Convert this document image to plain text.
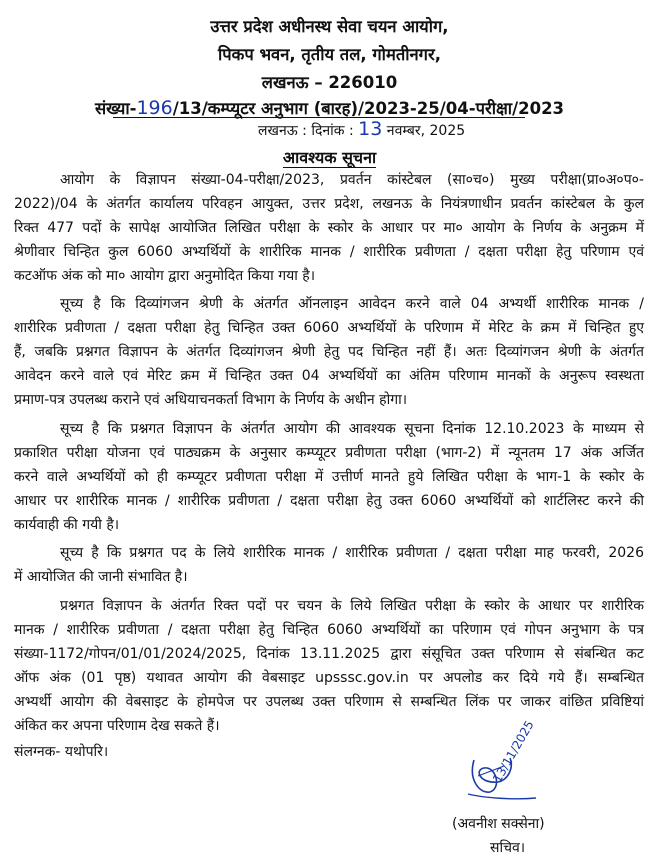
उत्तर प्रदेश अधीनस्थ सेवा चयन आयोग,
पिकप भवन, तृतीय तल, गोमतीनगर,
लखनऊ – 226010
संख्या-196/13/कम्प्यूटर अनुभाग (बारह)/2023-25/04-परीक्षा/2023
लखनऊ : दिनांक : 13 नवम्बर, 2025
आवश्यक सूचना
आयोग के विज्ञापन संख्या-04-परीक्षा/2023, प्रवर्तन कांस्टेबल (सा०च०) मुख्य परीक्षा(प्रा०अ०प०-
2022)/04 के अंतर्गत कार्यालय परिवहन आयुक्त, उत्तर प्रदेश, लखनऊ के नियंत्रणाधीन प्रवर्तन कांस्टेबल के कुल
रिक्त 477 पदों के सापेक्ष आयोजित लिखित परीक्षा के स्कोर के आधार पर मा० आयोग के निर्णय के अनुक्रम में
श्रेणीवार चिन्हित कुल 6060 अभ्यर्थियों के शारीरिक मानक / शारीरिक प्रवीणता / दक्षता परीक्षा हेतु परिणाम एवं
कटऑफ अंक को मा० आयोग द्वारा अनुमोदित किया गया है।
सूच्य है कि दिव्यांगजन श्रेणी के अंतर्गत ऑनलाइन आवेदन करने वाले 04 अभ्यर्थी शारीरिक मानक /
शारीरिक प्रवीणता / दक्षता परीक्षा हेतु चिन्हित उक्त 6060 अभ्यर्थियों के परिणाम में मेरिट के क्रम में चिन्हित हुए
हैं, जबकि प्रश्नगत विज्ञापन के अंतर्गत दिव्यांगजन श्रेणी हेतु पद चिन्हित नहीं हैं। अतः दिव्यांगजन श्रेणी के अंतर्गत
आवेदन करने वाले एवं मेरिट क्रम में चिन्हित उक्त 04 अभ्यर्थियों का अंतिम परिणाम मानकों के अनुरूप स्वस्थता
प्रमाण-पत्र उपलब्ध कराने एवं अधियाचनकर्ता विभाग के निर्णय के अधीन होगा।
सूच्य है कि प्रश्नगत विज्ञापन के अंतर्गत आयोग की आवश्यक सूचना दिनांक 12.10.2023 के माध्यम से
प्रकाशित परीक्षा योजना एवं पाठ्यक्रम के अनुसार कम्प्यूटर प्रवीणता परीक्षा (भाग-2) में न्यूनतम 17 अंक अर्जित
करने वाले अभ्यर्थियों को ही कम्प्यूटर प्रवीणता परीक्षा में उत्तीर्ण मानते हुये लिखित परीक्षा के भाग-1 के स्कोर के
आधार पर शारीरिक मानक / शारीरिक प्रवीणता / दक्षता परीक्षा हेतु उक्त 6060 अभ्यर्थियों को शार्टलिस्ट करने की
कार्यवाही की गयी है।
सूच्य है कि प्रश्नगत पद के लिये शारीरिक मानक / शारीरिक प्रवीणता / दक्षता परीक्षा माह फरवरी, 2026
में आयोजित की जानी संभावित है।
प्रश्नगत विज्ञापन के अंतर्गत रिक्त पदों पर चयन के लिये लिखित परीक्षा के स्कोर के आधार पर शारीरिक
मानक / शारीरिक प्रवीणता / दक्षता परीक्षा हेतु चिन्हित 6060 अभ्यर्थियों का परिणाम एवं गोपन अनुभाग के पत्र
संख्या-1172/गोपन/01/01/2024/2025, दिनांक 13.11.2025 द्वारा संसूचित उक्त परिणाम से संबन्धित कट
ऑफ अंक (01 पृष्ठ) यथावत आयोग की वेबसाइट upsssc.gov.in पर अपलोड कर दिये गये हैं। सम्बन्धित
अभ्यर्थी आयोग की वेबसाइट के होमपेज पर उपलब्ध उक्त परिणाम से सम्बन्धित लिंक पर जाकर वांछित प्रविष्टियां
अंकित कर अपना परिणाम देख सकते हैं।
संलग्नक- यथोपरि।	13/11/2025
(अवनीश सक्सेना)
सचिव।
